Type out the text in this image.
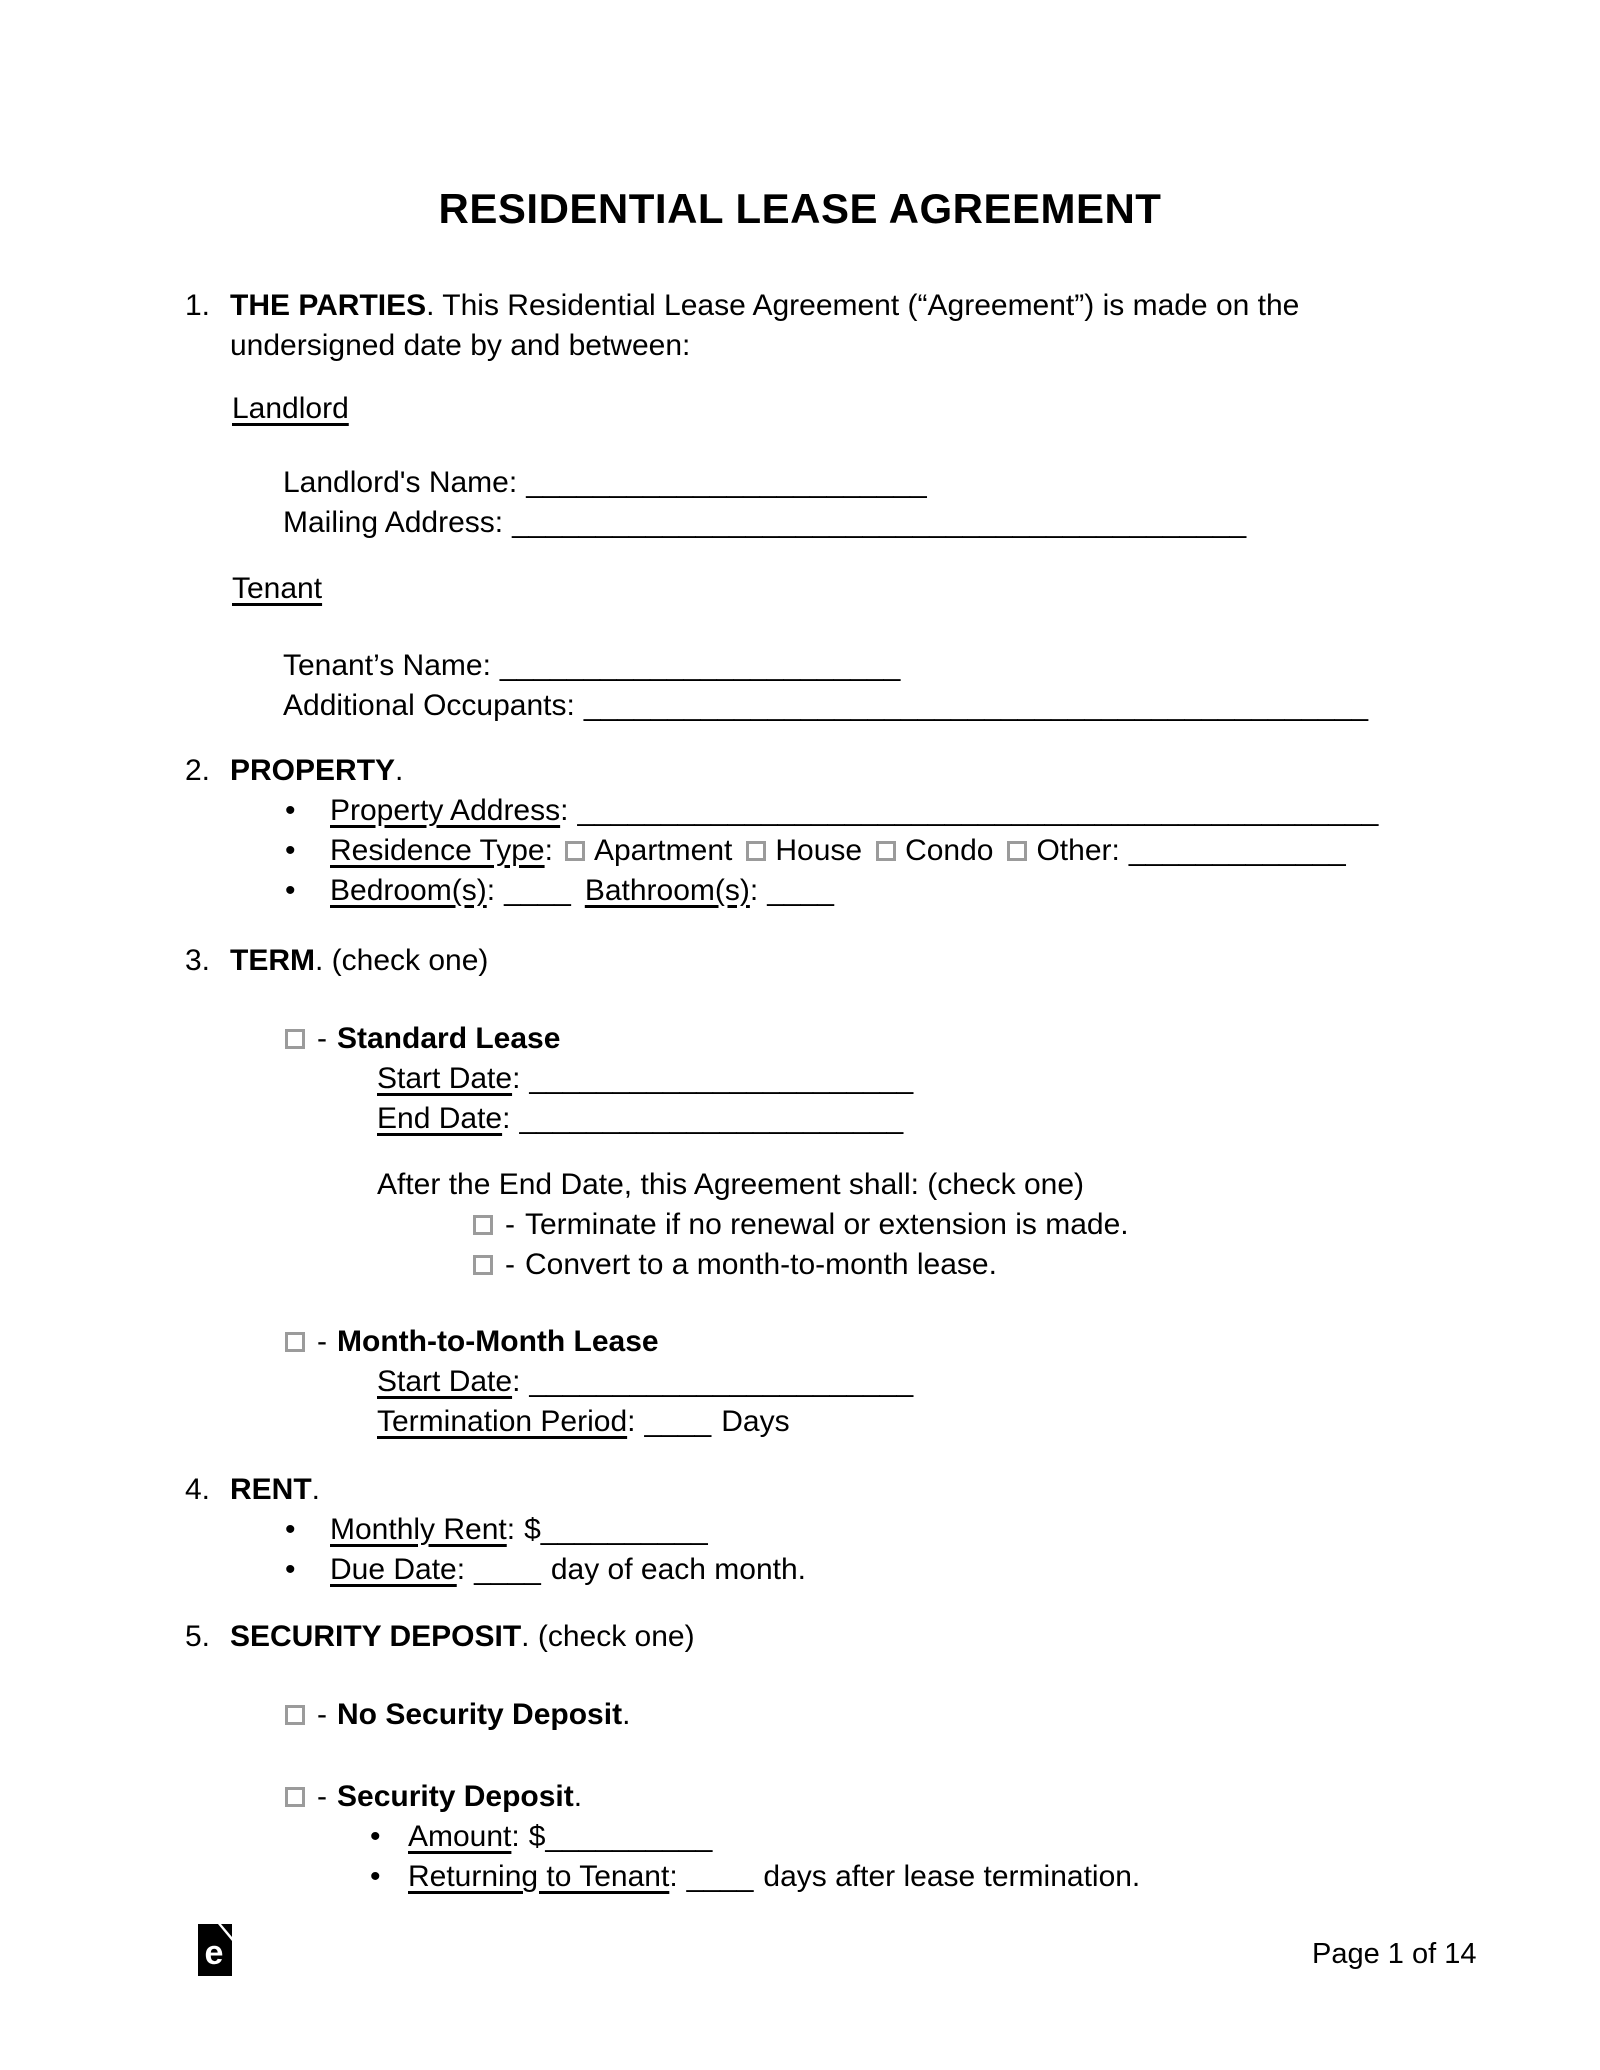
RESIDENTIAL LEASE AGREEMENT
1. THE PARTIES. This Residential Lease Agreement (“Agreement”) is made on the
undersigned date by and between:
Landlord
Landlord's Name: ________________________
Mailing Address: ____________________________________________
Tenant
Tenant’s Name: ________________________
Additional Occupants: _______________________________________________
2. PROPERTY.
•	Property Address: ________________________________________________
•	Residence Type: Apartment House Condo Other: _____________
•	Bedroom(s): ____ Bathroom(s): ____
3. TERM. (check one)
- Standard Lease
Start Date: _______________________
End Date: _______________________
After the End Date, this Agreement shall: (check one)
- Terminate if no renewal or extension is made.
- Convert to a month-to-month lease.
- Month-to-Month Lease
Start Date: _______________________
Termination Period: ____ Days
4. RENT.
•	Monthly Rent: $__________
•	Due Date: ____ day of each month.
5. SECURITY DEPOSIT. (check one)
- No Security Deposit.
- Security Deposit.
• Amount: $__________
• Returning to Tenant: ____ days after lease termination.
e	Page 1 of 14
